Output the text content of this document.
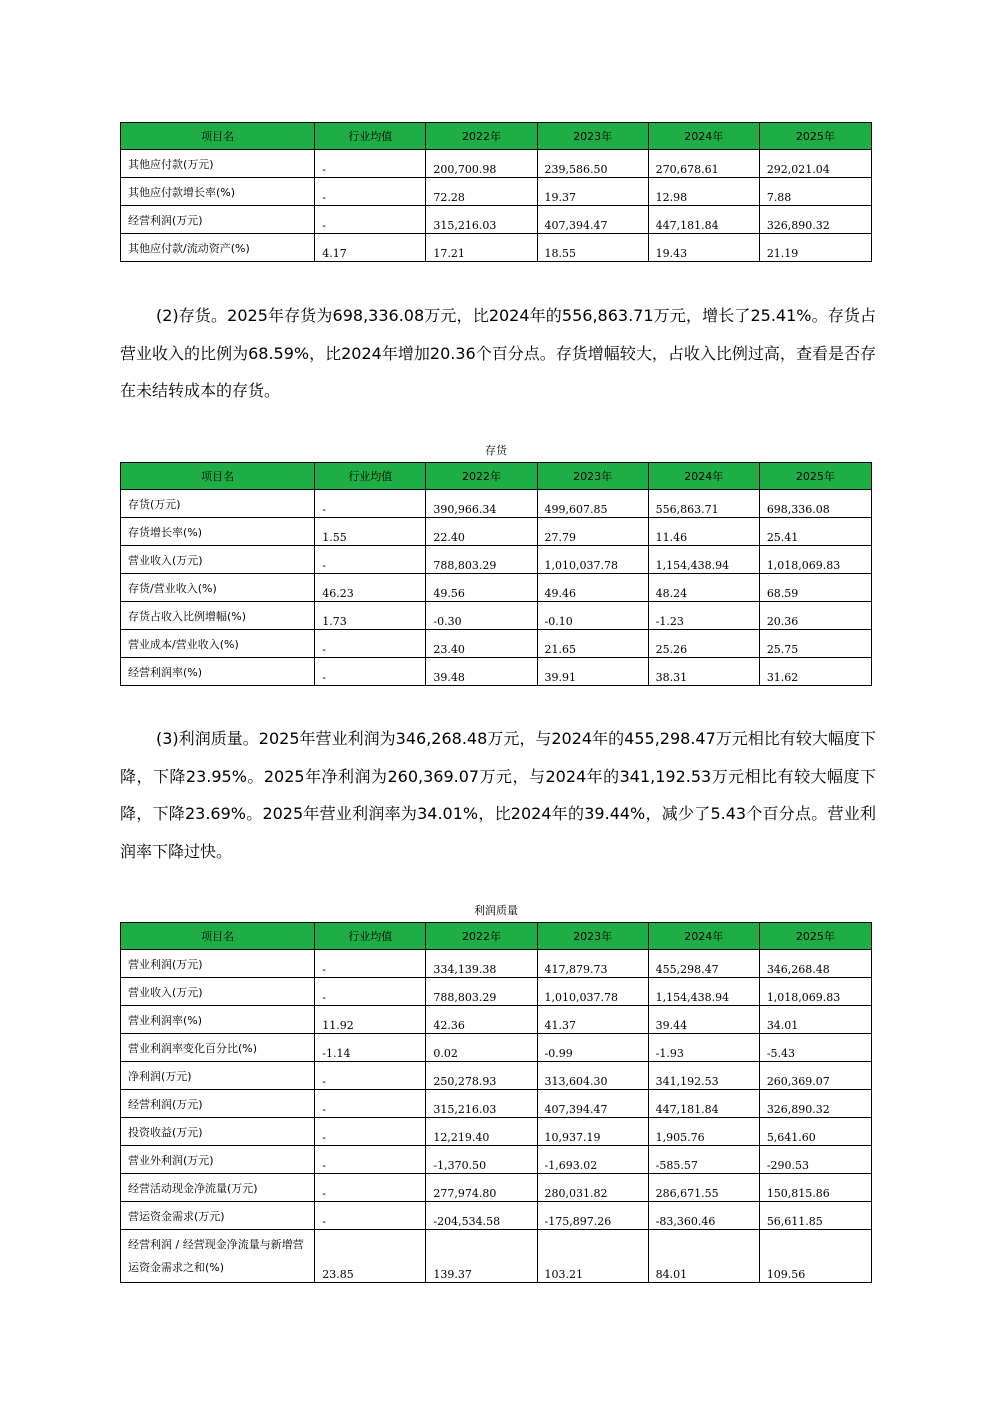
项目名	行业均值	2022年	2023年	2024年	2025年
其他应付款(万元)	-	200,700.98	239,586.50	270,678.61	292,021.04
其他应付款增长率(%)	-	72.28	19.37	12.98	7.88
经营利润(万元)	-	315,216.03	407,394.47	447,181.84	326,890.32
其他应付款/流动资产(%)	4.17	17.21	18.55	19.43	21.19

(2)存货。2025年存货为698,336.08万元，比2024年的556,863.71万元，增长了25.41%。存货占营业收入的比例为68.59%，比2024年增加20.36个百分点。存货增幅较大，占收入比例过高，查看是否存在未结转成本的存货。

存货
项目名	行业均值	2022年	2023年	2024年	2025年
存货(万元)	-	390,966.34	499,607.85	556,863.71	698,336.08
存货增长率(%)	1.55	22.40	27.79	11.46	25.41
营业收入(万元)	-	788,803.29	1,010,037.78	1,154,438.94	1,018,069.83
存货/营业收入(%)	46.23	49.56	49.46	48.24	68.59
存货占收入比例增幅(%)	1.73	-0.30	-0.10	-1.23	20.36
营业成本/营业收入(%)	-	23.40	21.65	25.26	25.75
经营利润率(%)	-	39.48	39.91	38.31	31.62

(3)利润质量。2025年营业利润为346,268.48万元，与2024年的455,298.47万元相比有较大幅度下降，下降23.95%。2025年净利润为260,369.07万元，与2024年的341,192.53万元相比有较大幅度下降，下降23.69%。2025年营业利润率为34.01%，比2024年的39.44%，减少了5.43个百分点。营业利润率下降过快。

利润质量
项目名	行业均值	2022年	2023年	2024年	2025年
营业利润(万元)	-	334,139.38	417,879.73	455,298.47	346,268.48
营业收入(万元)	-	788,803.29	1,010,037.78	1,154,438.94	1,018,069.83
营业利润率(%)	11.92	42.36	41.37	39.44	34.01
营业利润率变化百分比(%)	-1.14	0.02	-0.99	-1.93	-5.43
净利润(万元)	-	250,278.93	313,604.30	341,192.53	260,369.07
经营利润(万元)	-	315,216.03	407,394.47	447,181.84	326,890.32
投资收益(万元)	-	12,219.40	10,937.19	1,905.76	5,641.60
营业外利润(万元)	-	-1,370.50	-1,693.02	-585.57	-290.53
经营活动现金净流量(万元)	-	277,974.80	280,031.82	286,671.55	150,815.86
营运资金需求(万元)	-	-204,534.58	-175,897.26	-83,360.46	56,611.85
经营利润 / 经营现金净流量与新增营运资金需求之和(%)	23.85	139.37	103.21	84.01	109.56
